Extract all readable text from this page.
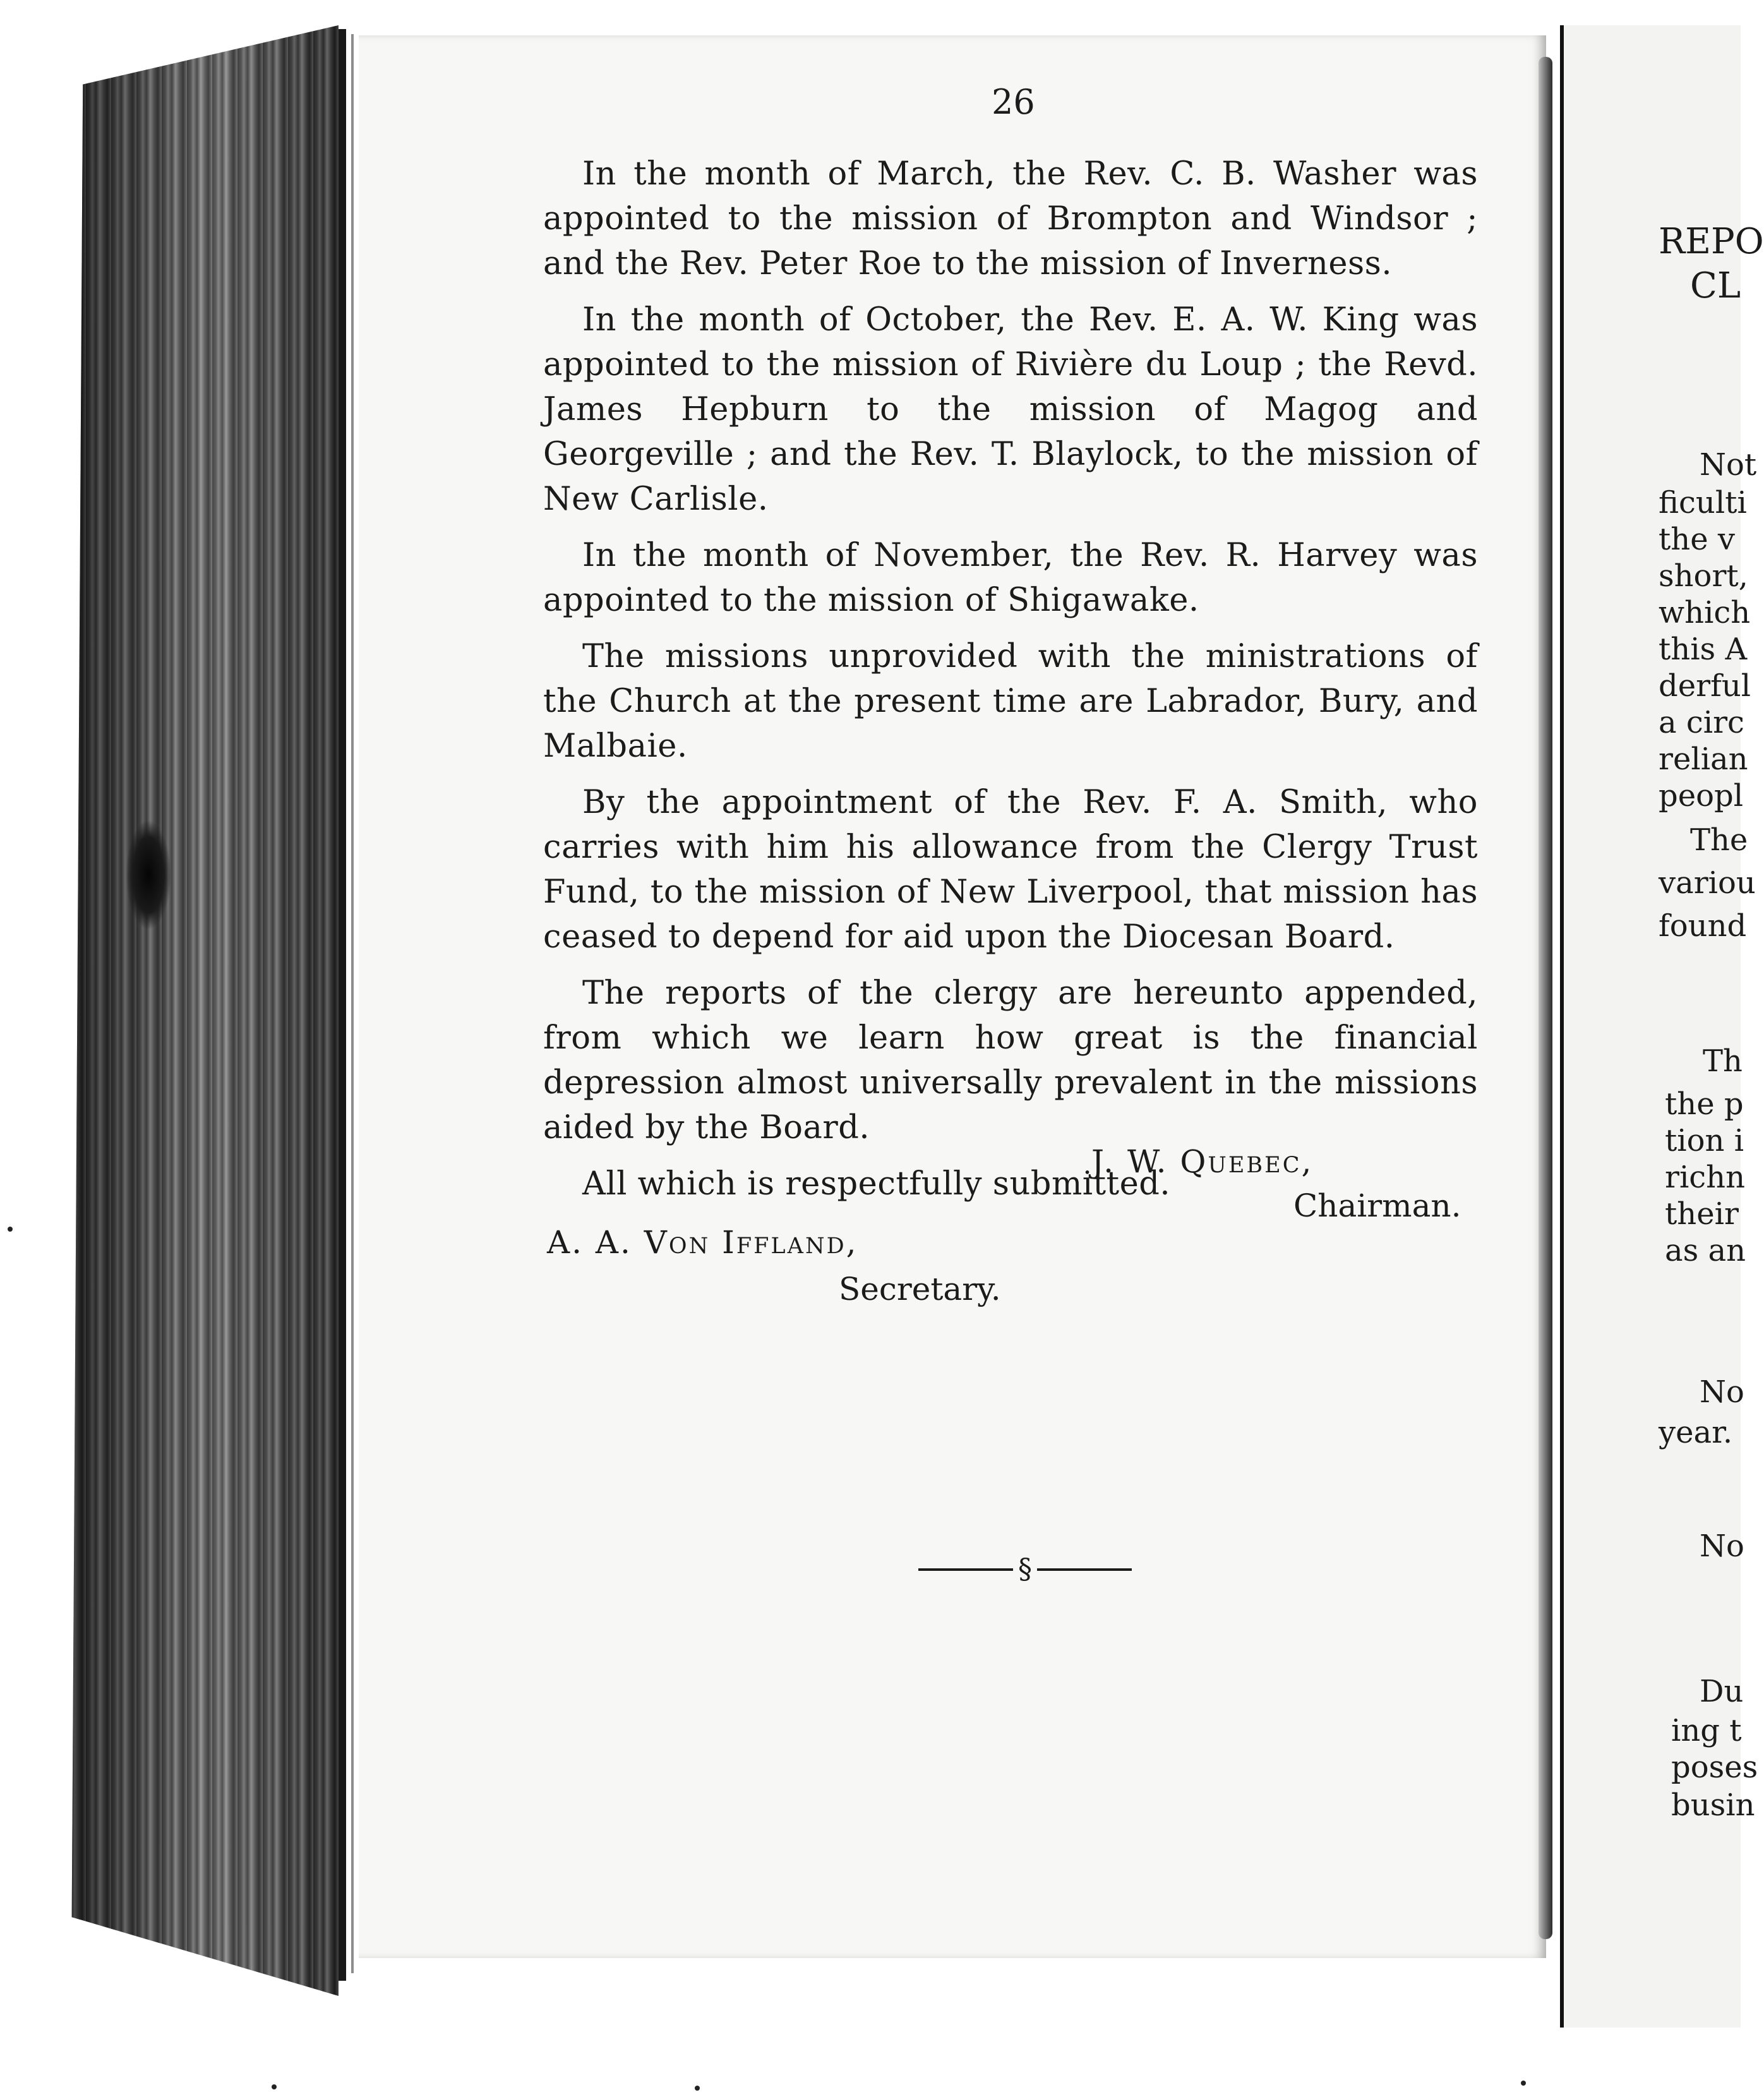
26

In the month of March, the Rev. C. B. Washer was appointed to the mission of Brompton and Windsor ; and the Rev. Peter Roe to the mission of Inverness.

In the month of October, the Rev. E. A. W. King was appointed to the mission of Rivière du Loup ; the Revd. James Hepburn to the mission of Magog and Georgeville ; and the Rev. T. Blaylock, to the mission of New Carlisle.

In the month of November, the Rev. R. Harvey was appointed to the mission of Shigawake.

The missions unprovided with the ministrations of the Church at the present time are Labrador, Bury, and Malbaie.

By the appointment of the Rev. F. A. Smith, who carries with him his allowance from the Clergy Trust Fund, to the mission of New Liverpool, that mission has ceased to depend for aid upon the Diocesan Board.

The reports of the clergy are hereunto appended, from which we learn how great is the financial depression almost universally prevalent in the missions aided by the Board.

All which is respectfully submitted.

J. W. Quebec,
Chairman.
A. A. Von Iffland,
Secretary.
§
REPO
CL
Not
ficulti
the v
short,
which
this A
derful
a circ
relian
peopl
The
variou
found
Th
the p
tion i
richn
their
as an
No
year.
No
Du
ing t
poses
busin
